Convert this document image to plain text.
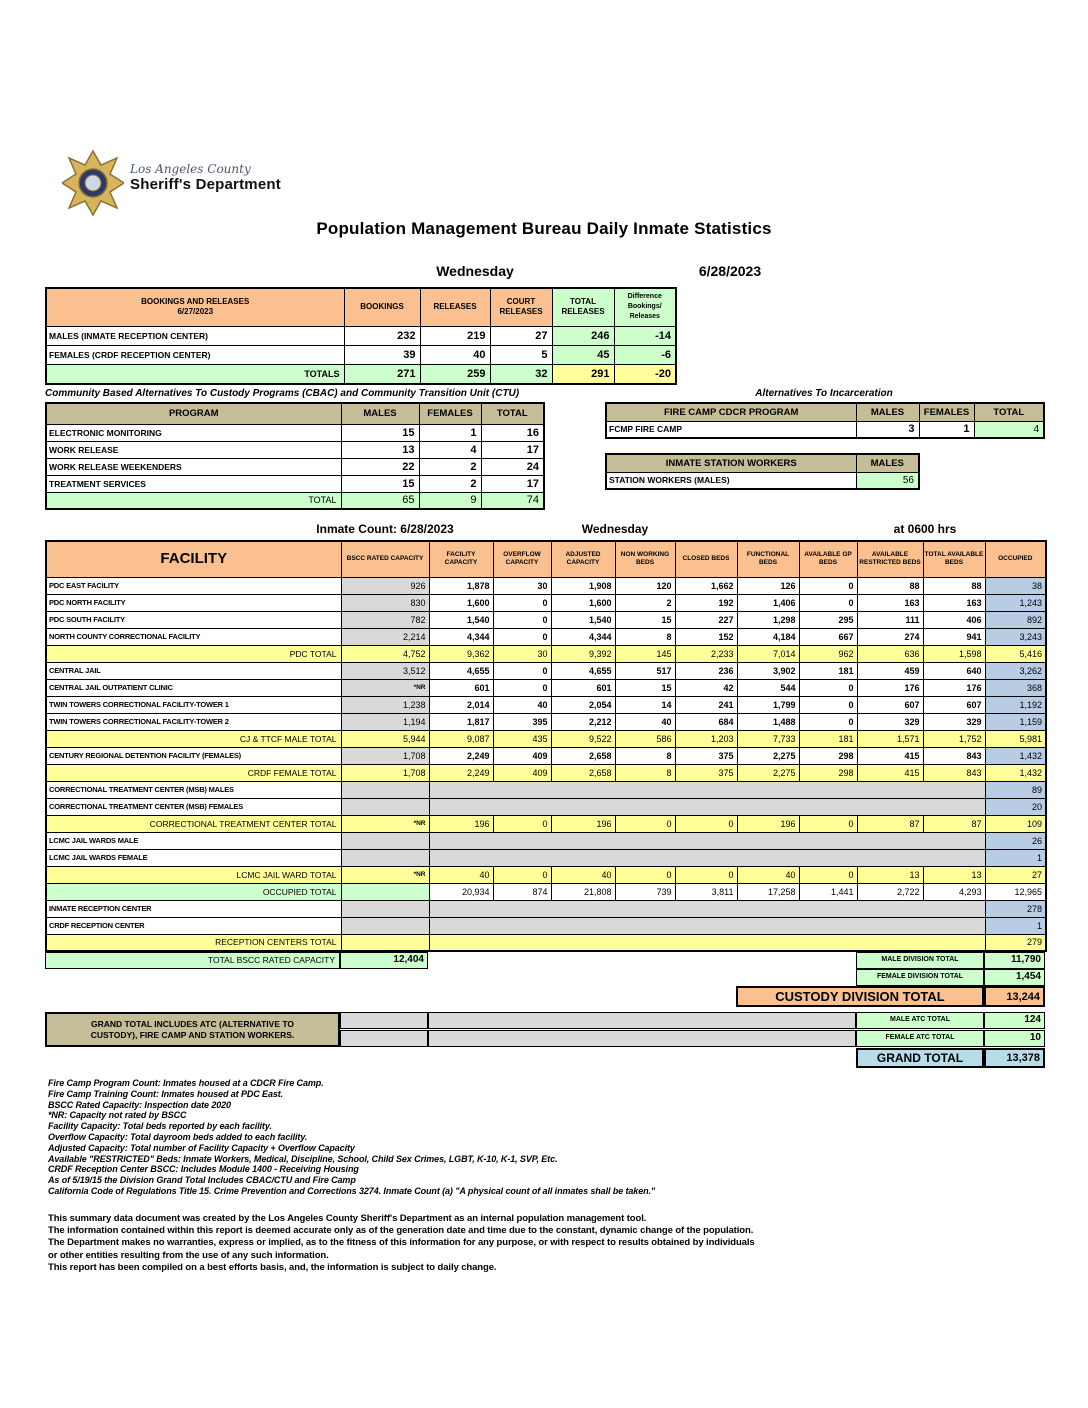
Los Angeles County
Sheriff's Department
Population Management Bureau Daily Inmate Statistics
Wednesday	6/28/2023
BOOKINGS AND RELEASES
6/27/2023	BOOKINGS	RELEASES	COURT RELEASES	TOTAL RELEASES	Difference Bookings/ Releases
MALES (INMATE RECEPTION CENTER)	232	219	27	246	-14
FEMALES (CRDF RECEPTION CENTER)	39	40	5	45	-6
TOTALS	271	259	32	291	-20
Community Based Alternatives To Custody Programs (CBAC) and Community Transition Unit (CTU)
PROGRAM	MALES	FEMALES	TOTAL
ELECTRONIC MONITORING	15	1	16
WORK RELEASE	13	4	17
WORK RELEASE WEEKENDERS	22	2	24
TREATMENT SERVICES	15	2	17
TOTAL	65	9	74
Alternatives To Incarceration
FIRE CAMP CDCR PROGRAM	MALES	FEMALES	TOTAL
FCMP FIRE CAMP	3	1	4
INMATE STATION WORKERS	MALES
STATION WORKERS (MALES)	56
Inmate Count: 6/28/2023	Wednesday	at 0600 hrs
FACILITY	BSCC RATED CAPACITY	FACILITY CAPACITY	OVERFLOW CAPACITY	ADJUSTED CAPACITY	NON WORKING BEDS	CLOSED BEDS	FUNCTIONAL BEDS	AVAILABLE GP BEDS	AVAILABLE RESTRICTED BEDS	TOTAL AVAILABLE BEDS	OCCUPIED
PDC EAST FACILITY	926	1,878	30	1,908	120	1,662	126	0	88	88	38
PDC NORTH FACILITY	830	1,600	0	1,600	2	192	1,406	0	163	163	1,243
PDC SOUTH FACILITY	782	1,540	0	1,540	15	227	1,298	295	111	406	892
NORTH COUNTY CORRECTIONAL FACILITY	2,214	4,344	0	4,344	8	152	4,184	667	274	941	3,243
PDC TOTAL	4,752	9,362	30	9,392	145	2,233	7,014	962	636	1,598	5,416
CENTRAL JAIL	3,512	4,655	0	4,655	517	236	3,902	181	459	640	3,262
CENTRAL JAIL OUTPATIENT CLINIC	*NR	601	0	601	15	42	544	0	176	176	368
TWIN TOWERS CORRECTIONAL FACILITY-TOWER 1	1,238	2,014	40	2,054	14	241	1,799	0	607	607	1,192
TWIN TOWERS CORRECTIONAL FACILITY-TOWER 2	1,194	1,817	395	2,212	40	684	1,488	0	329	329	1,159
CJ & TTCF MALE TOTAL	5,944	9,087	435	9,522	586	1,203	7,733	181	1,571	1,752	5,981
CENTURY REGIONAL DETENTION FACILITY (FEMALES)	1,708	2,249	409	2,658	8	375	2,275	298	415	843	1,432
CRDF FEMALE TOTAL	1,708	2,249	409	2,658	8	375	2,275	298	415	843	1,432
CORRECTIONAL TREATMENT CENTER (MSB) MALES											89
CORRECTIONAL TREATMENT CENTER (MSB) FEMALES											20
CORRECTIONAL TREATMENT CENTER TOTAL	*NR	196	0	196	0	0	196	0	87	87	109
LCMC JAIL WARDS MALE											26
LCMC JAIL WARDS FEMALE											1
LCMC JAIL WARD TOTAL	*NR	40	0	40	0	0	40	0	13	13	27
OCCUPIED TOTAL		20,934	874	21,808	739	3,811	17,258	1,441	2,722	4,293	12,965
INMATE RECEPTION CENTER											278
CRDF RECEPTION CENTER											1
RECEPTION CENTERS TOTAL											279
TOTAL BSCC RATED CAPACITY	12,404	MALE DIVISION TOTAL	11,790
FEMALE DIVISION TOTAL	1,454
CUSTODY DIVISION TOTAL	13,244
GRAND TOTAL INCLUDES ATC (ALTERNATIVE TO
CUSTODY), FIRE CAMP AND STATION WORKERS.
MALE ATC TOTAL	124
FEMALE ATC TOTAL	10
GRAND TOTAL	13,378
Fire Camp Program Count: Inmates housed at a CDCR Fire Camp.
Fire Camp Training Count: Inmates housed at PDC East.
BSCC Rated Capacity: Inspection date 2020
*NR: Capacity not rated by BSCC
Facility Capacity: Total beds reported by each facility.
Overflow Capacity: Total dayroom beds added to each facility.
Adjusted Capacity: Total number of Facility Capacity + Overflow Capacity
Available "RESTRICTED" Beds: Inmate Workers, Medical, Discipline, School, Child Sex Crimes, LGBT, K-10, K-1, SVP, Etc.
CRDF Reception Center BSCC: Includes Module 1400 - Receiving Housing
As of 5/19/15 the Division Grand Total Includes CBAC/CTU and Fire Camp
California Code of Regulations Title 15. Crime Prevention and Corrections 3274. Inmate Count (a) "A physical count of all inmates shall be taken."
This summary data document was created by the Los Angeles County Sheriff's Department as an internal population management tool.
The information contained within this report is deemed accurate only as of the generation date and time due to the constant, dynamic change of the population.
The Department makes no warranties, express or implied, as to the fitness of this information for any purpose, or with respect to results obtained by individuals
or other entities resulting from the use of any such information.
This report has been compiled on a best efforts basis, and, the information is subject to daily change.
